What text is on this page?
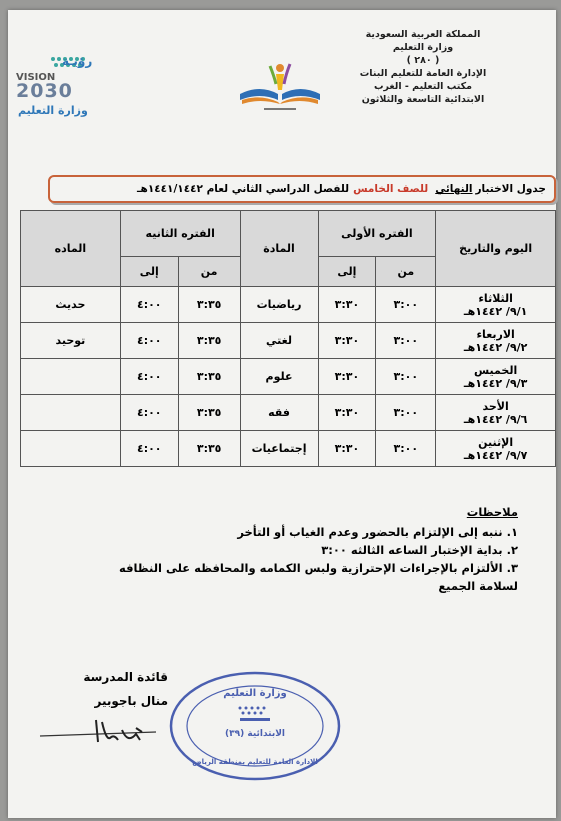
المملكة العربية السعودية
وزارة التعليم
( ٢٨٠ )
الإدارة العامة للتعليم البنات
مكتب التعليم - الغرب
الابتدائية التاسعة والثلاثون
رؤيـة
VISION
2030
وزارة التعليم
جدول الاختبار
النهائي
للصف الخامس
للفصل الدراسي الثاني لعام ١٤٤١/١٤٤٢هـ
اليوم والتاريخ	الفتره الأولى		المادة	الفتره الثانيه		الماده
	من	إلى		من	إلى	

الثلاثاء
٩/١/ ١٤٤٢هـ	٣:٠٠	٣:٣٠	رياضيات	٣:٣٥	٤:٠٠	حديث

الاربعاء
٩/٢/ ١٤٤٢هـ	٣:٠٠	٣:٣٠	لغتي	٣:٣٥	٤:٠٠	توحيد

الخميس
٩/٣/ ١٤٤٢هـ	٣:٠٠	٣:٣٠	علوم	٣:٣٥	٤:٠٠	

الأحد
٩/٦/ ١٤٤٢هـ	٣:٠٠	٣:٣٠	فقه	٣:٣٥	٤:٠٠	

الإثنين
٩/٧/ ١٤٤٢هـ	٣:٠٠	٣:٣٠	إجتماعيات	٣:٣٥	٤:٠٠	
ملاحظات
١. ننبه إلى الإلتزام بالحضور وعدم الغياب أو التأخر
٢. بداية الإختبار الساعه الثالثه ٣:٠٠
٣. الألتزام بالإجراءات الإحترازية ولبس الكمامه والمحافظه على النظافه لسلامة الجميع
قائدة المدرسة
منال باجوبير
وزارة التعليم
الابتدائية (٣٩)
الإدارة العامة للتعليم بمنطقة الرياض
